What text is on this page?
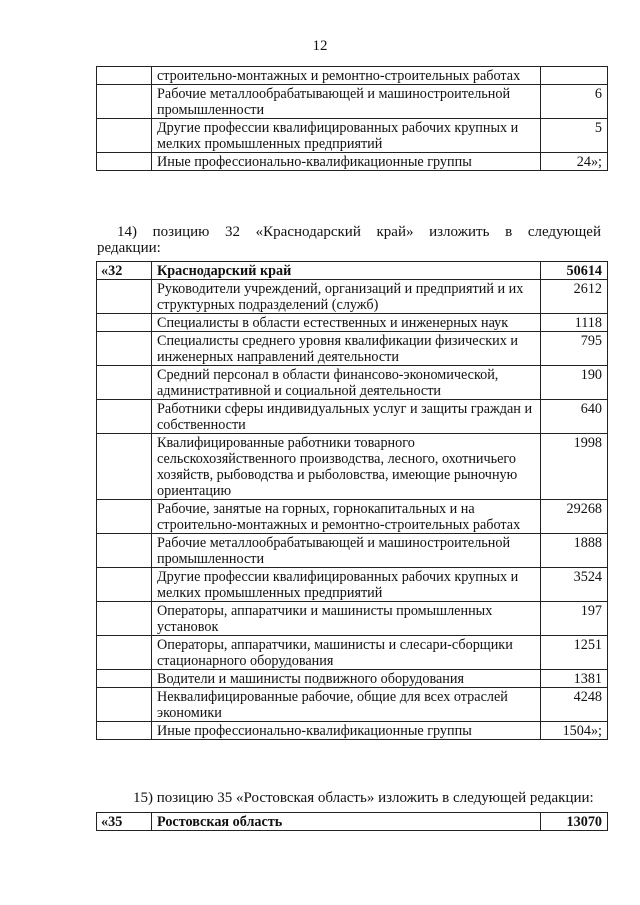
12
	строительно-монтажных и ремонтно-строительных работах	
	Рабочие металлообрабатывающей и машиностроительной промышленности	6
	Другие профессии квалифицированных рабочих крупных и мелких промышленных предприятий	5
	Иные профессионально-квалификационные группы	24»;
14) позицию 32 «Краснодарский край» изложить в следующей
редакции:
«32	Краснодарский край	50614
	Руководители учреждений, организаций и предприятий и их структурных подразделений (служб)	2612
	Специалисты в области естественных и инженерных наук	1118
	Специалисты среднего уровня квалификации физических и инженерных направлений деятельности	795
	Средний персонал в области финансово-экономической, административной и социальной деятельности	190
	Работники сферы индивидуальных услуг и защиты граждан и собственности	640
	Квалифицированные работники товарного сельскохозяйственного производства, лесного, охотничьего хозяйств, рыбоводства и рыболовства, имеющие рыночную ориентацию	1998
	Рабочие, занятые на горных, горнокапитальных и на строительно-монтажных и ремонтно-строительных работах	29268
	Рабочие металлообрабатывающей и машиностроительной промышленности	1888
	Другие профессии квалифицированных рабочих крупных и мелких промышленных предприятий	3524
	Операторы, аппаратчики и машинисты промышленных установок	197
	Операторы, аппаратчики, машинисты и слесари-сборщики стационарного оборудования	1251
	Водители и машинисты подвижного оборудования	1381
	Неквалифицированные рабочие, общие для всех отраслей экономики	4248
	Иные профессионально-квалификационные группы	1504»;
15) позицию 35 «Ростовская область» изложить в следующей редакции:
«35	Ростовская область	13070
